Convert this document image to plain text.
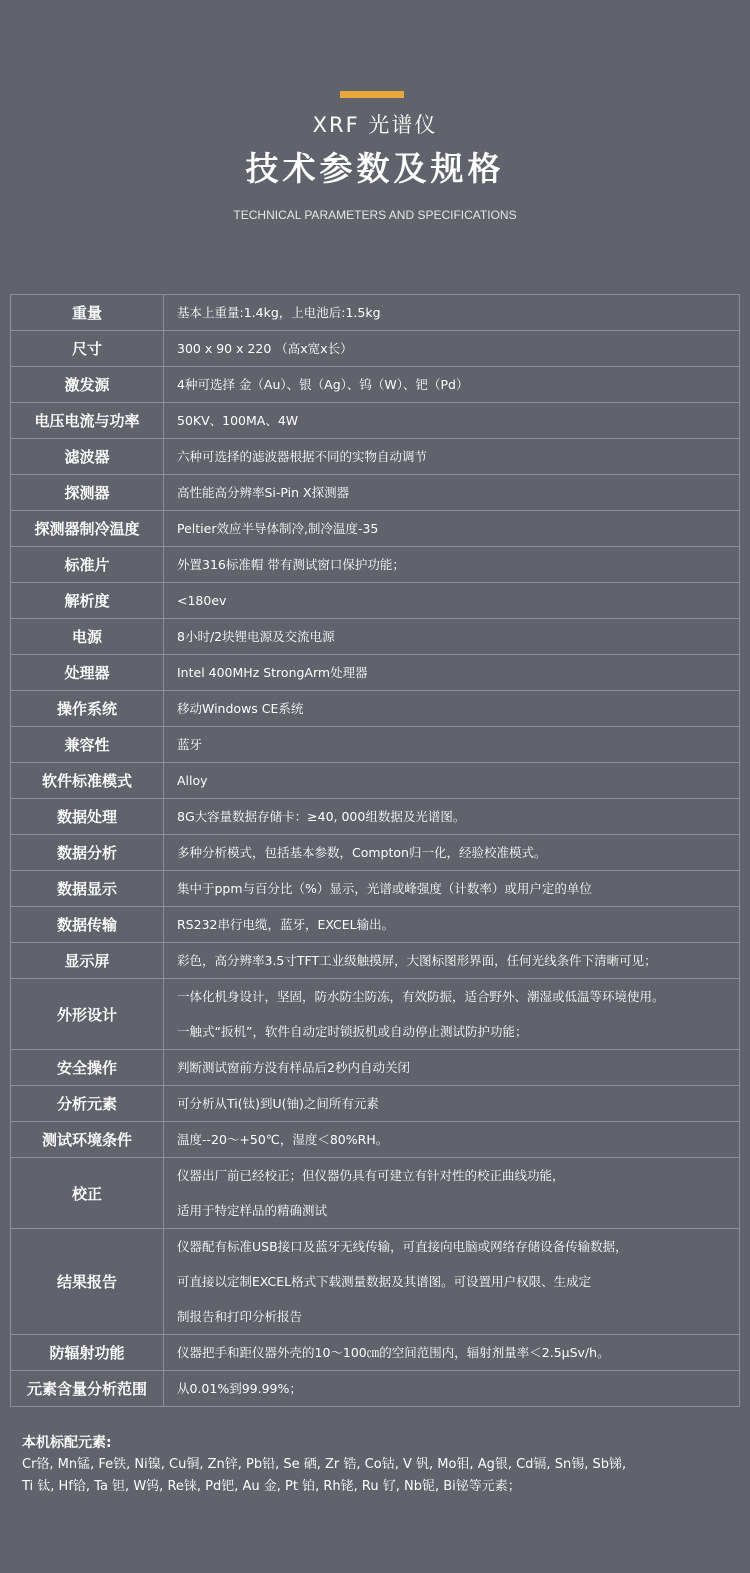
XRF 光谱仪
技术参数及规格
TECHNICAL PARAMETERS AND SPECIFICATIONS
重量	基本上重量:1.4kg，上电池后:1.5kg

尺寸	300 x 90 x 220 （高x宽x长）

激发源	4种可选择 金（Au）、银（Ag）、钨（W）、钯（Pd）

电压电流与功率	50KV、100MA、4W

滤波器	六种可选择的滤波器根据不同的实物自动调节

探测器	高性能高分辨率Si-Pin X探测器

探测器制冷温度	Peltier效应半导体制冷,制冷温度-35

标准片	外置316标准帽 带有测试窗口保护功能；

解析度	<180ev

电源	8小时/2块锂电源及交流电源

处理器	Intel 400MHz StrongArm处理器

操作系统	移动Windows CE系统

兼容性	蓝牙

软件标准模式	Alloy

数据处理	8G大容量数据存储卡：≥40, 000组数据及光谱图。

数据分析	多种分析模式，包括基本参数，Compton归一化，经验校准模式。

数据显示	集中于ppm与百分比（%）显示，光谱或峰强度（计数率）或用户定的单位

数据传输	RS232串行电缆，蓝牙，EXCEL输出。

显示屏	彩色，高分辨率3.5寸TFT工业级触摸屏，大图标图形界面，任何光线条件下清晰可见；

外形设计	一体化机身设计，坚固，防水防尘防冻，有效防振，适合野外、潮湿或低温等环境使用。
一触式“扳机”，软件自动定时锁扳机或自动停止测试防护功能；

安全操作	判断测试窗前方没有样品后2秒内自动关闭

分析元素	可分析从Ti(钛)到U(铀)之间所有元素

测试环境条件	温度--20～+50℃，湿度＜80%RH。

校正	仪器出厂前已经校正；但仪器仍具有可建立有针对性的校正曲线功能，
适用于特定样品的精确测试

结果报告	仪器配有标准USB接口及蓝牙无线传输，可直接向电脑或网络存储设备传输数据，
可直接以定制EXCEL格式下载测量数据及其谱图。可设置用户权限、生成定
制报告和打印分析报告

防辐射功能	仪器把手和距仪器外壳的10～100㎝的空间范围内，辐射剂量率＜2.5μSv/h。

元素含量分析范围	从0.01%到99.99%；
本机标配元素:
Cr铬, Mn锰, Fe铁, Ni镍, Cu铜, Zn锌, Pb铅, Se 硒, Zr 锆, Co钴, V 钒, Mo钼, Ag银, Cd镉, Sn锡, Sb锑,
Ti 钛, Hf铪, Ta 钽, W钨, Re铼, Pd钯, Au 金, Pt 铂, Rh铑, Ru 钌, Nb铌, Bi铋等元素；
